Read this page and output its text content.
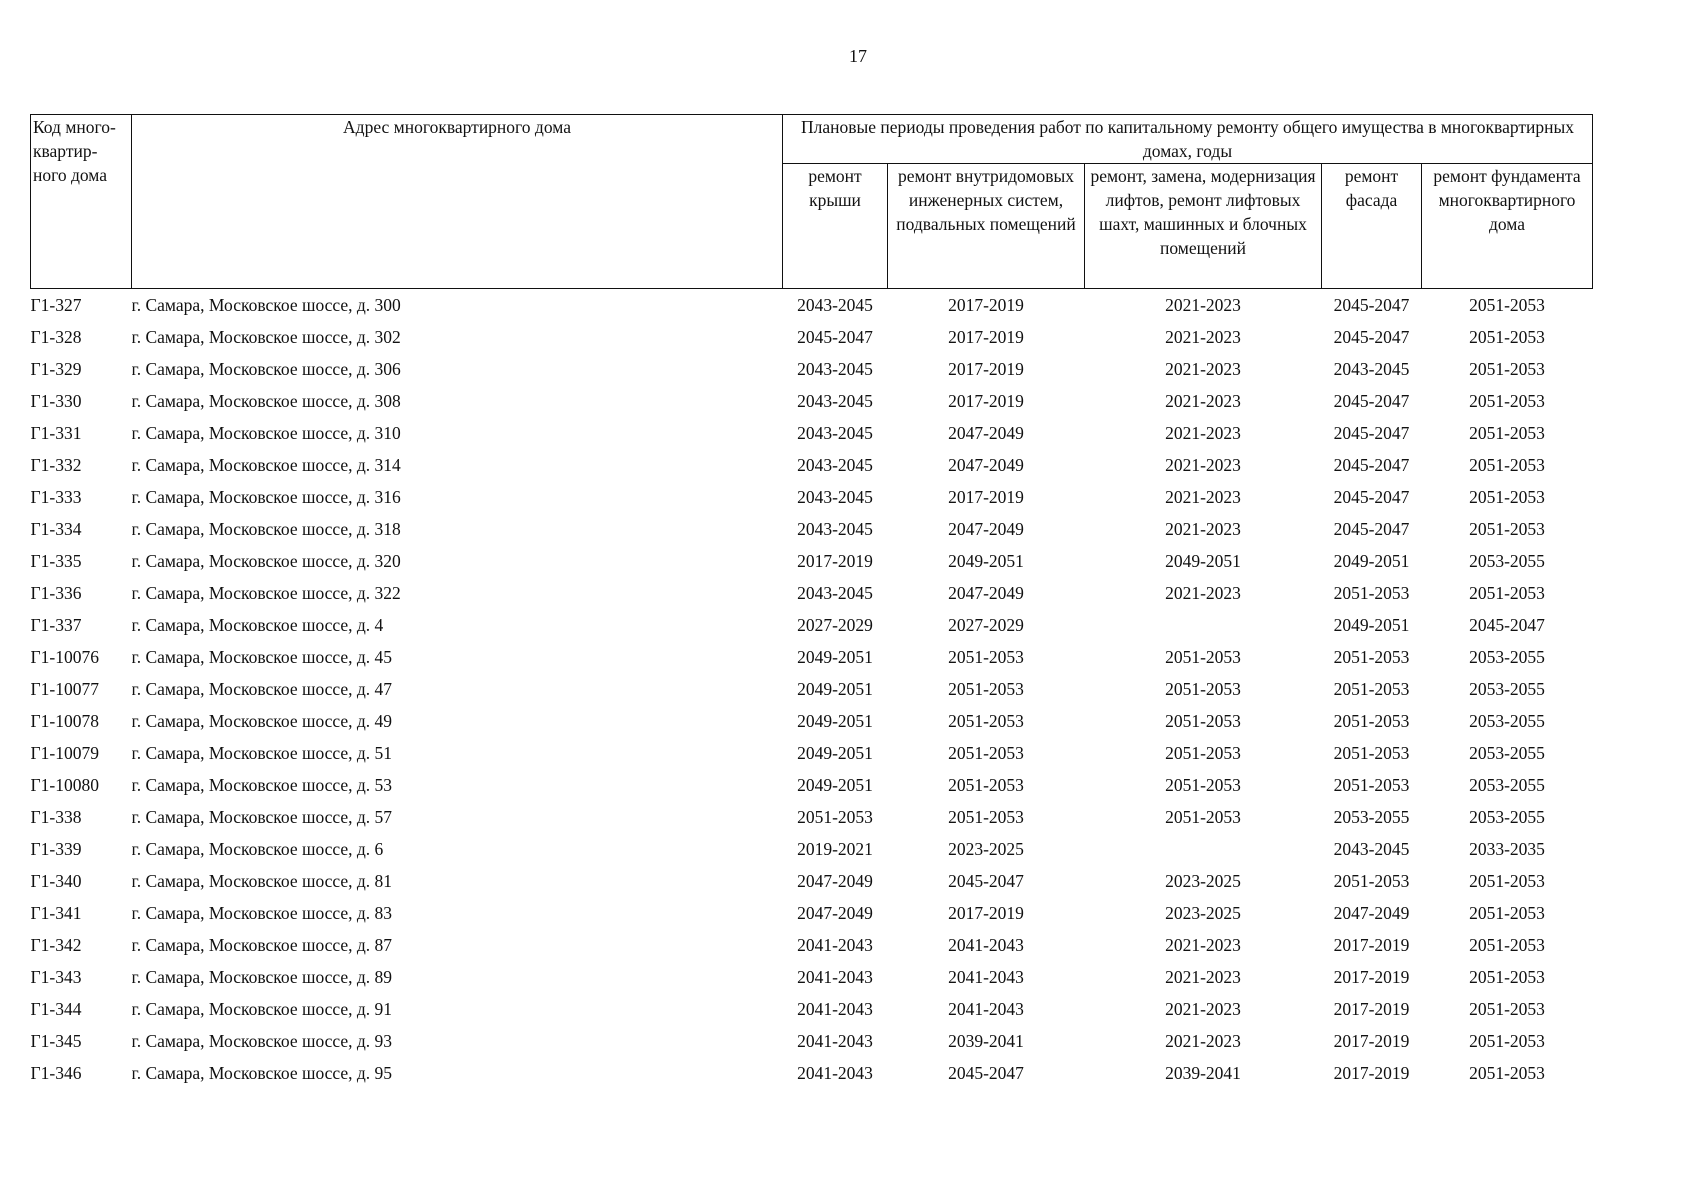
17
Код много-квартир-ного дома	Адрес многоквартирного дома	Плановые периоды проведения работ по капитальному ремонту общего имущества в многоквартирных домах, годы				
		ремонт крыши	ремонт внутридомовых инженерных систем, подвальных помещений	ремонт, замена, модернизация лифтов, ремонт лифтовых шахт, машинных и блочных помещений	ремонт фасада	ремонт фундамента многоквартирного дома
Г1-327	г. Самара, Московское шоссе, д. 300	2043-2045	2017-2019	2021-2023	2045-2047	2051-2053
Г1-328	г. Самара, Московское шоссе, д. 302	2045-2047	2017-2019	2021-2023	2045-2047	2051-2053
Г1-329	г. Самара, Московское шоссе, д. 306	2043-2045	2017-2019	2021-2023	2043-2045	2051-2053
Г1-330	г. Самара, Московское шоссе, д. 308	2043-2045	2017-2019	2021-2023	2045-2047	2051-2053
Г1-331	г. Самара, Московское шоссе, д. 310	2043-2045	2047-2049	2021-2023	2045-2047	2051-2053
Г1-332	г. Самара, Московское шоссе, д. 314	2043-2045	2047-2049	2021-2023	2045-2047	2051-2053
Г1-333	г. Самара, Московское шоссе, д. 316	2043-2045	2017-2019	2021-2023	2045-2047	2051-2053
Г1-334	г. Самара, Московское шоссе, д. 318	2043-2045	2047-2049	2021-2023	2045-2047	2051-2053
Г1-335	г. Самара, Московское шоссе, д. 320	2017-2019	2049-2051	2049-2051	2049-2051	2053-2055
Г1-336	г. Самара, Московское шоссе, д. 322	2043-2045	2047-2049	2021-2023	2051-2053	2051-2053
Г1-337	г. Самара, Московское шоссе, д. 4	2027-2029	2027-2029		2049-2051	2045-2047
Г1-10076	г. Самара, Московское шоссе, д. 45	2049-2051	2051-2053	2051-2053	2051-2053	2053-2055
Г1-10077	г. Самара, Московское шоссе, д. 47	2049-2051	2051-2053	2051-2053	2051-2053	2053-2055
Г1-10078	г. Самара, Московское шоссе, д. 49	2049-2051	2051-2053	2051-2053	2051-2053	2053-2055
Г1-10079	г. Самара, Московское шоссе, д. 51	2049-2051	2051-2053	2051-2053	2051-2053	2053-2055
Г1-10080	г. Самара, Московское шоссе, д. 53	2049-2051	2051-2053	2051-2053	2051-2053	2053-2055
Г1-338	г. Самара, Московское шоссе, д. 57	2051-2053	2051-2053	2051-2053	2053-2055	2053-2055
Г1-339	г. Самара, Московское шоссе, д. 6	2019-2021	2023-2025		2043-2045	2033-2035
Г1-340	г. Самара, Московское шоссе, д. 81	2047-2049	2045-2047	2023-2025	2051-2053	2051-2053
Г1-341	г. Самара, Московское шоссе, д. 83	2047-2049	2017-2019	2023-2025	2047-2049	2051-2053
Г1-342	г. Самара, Московское шоссе, д. 87	2041-2043	2041-2043	2021-2023	2017-2019	2051-2053
Г1-343	г. Самара, Московское шоссе, д. 89	2041-2043	2041-2043	2021-2023	2017-2019	2051-2053
Г1-344	г. Самара, Московское шоссе, д. 91	2041-2043	2041-2043	2021-2023	2017-2019	2051-2053
Г1-345	г. Самара, Московское шоссе, д. 93	2041-2043	2039-2041	2021-2023	2017-2019	2051-2053
Г1-346	г. Самара, Московское шоссе, д. 95	2041-2043	2045-2047	2039-2041	2017-2019	2051-2053
